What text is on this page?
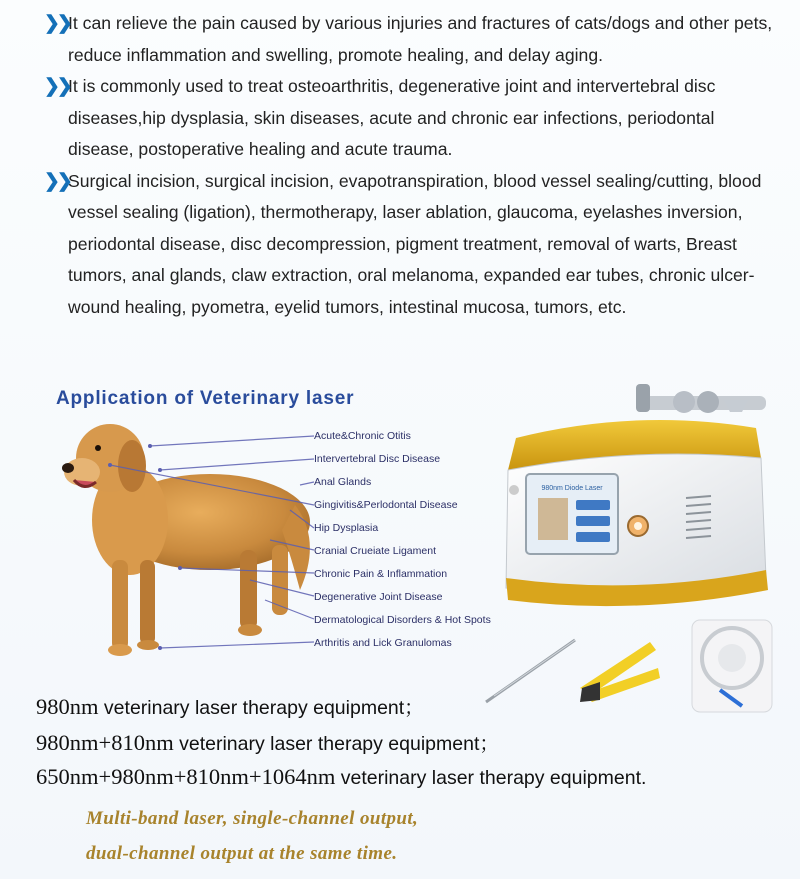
❯❯
It can relieve the pain caused by various injuries and fractures of cats/dogs and other pets, reduce inflammation and swelling, promote healing, and delay aging.
❯❯
It is commonly used to treat osteoarthritis, degenerative joint and intervertebral disc diseases,hip dysplasia, skin diseases, acute and chronic ear infections, periodontal disease, postoperative healing and acute trauma.
❯❯
Surgical incision, surgical incision, evapotranspiration, blood vessel sealing/cutting, blood vessel sealing (ligation), thermotherapy, laser ablation, glaucoma, eyelashes inversion, periodontal disease, disc decompression, pigment treatment, removal of warts, Breast tumors, anal glands, claw extraction, oral melanoma, expanded ear tubes, chronic ulcer-wound healing, pyometra, eyelid tumors, intestinal mucosa, tumors, etc.
Application of Veterinary laser
Acute&Chronic Otitis
Intervertebral Disc Disease
Anal Glands
Gingivitis&Perlodontal Disease
Hip Dysplasia
Cranial Crueiate Ligament
Chronic Pain & Inflammation
Degenerative Joint Disease
Dermatological Disorders & Hot Spots
Arthritis and Lick Granulomas
980nm Diode Laser
980nm veterinary laser therapy equipment；
980nm+810nm veterinary laser therapy equipment；
650nm+980nm+810nm+1064nm veterinary laser therapy equipment.
Multi-band laser, single-channel output,
dual-channel output at the same time.
